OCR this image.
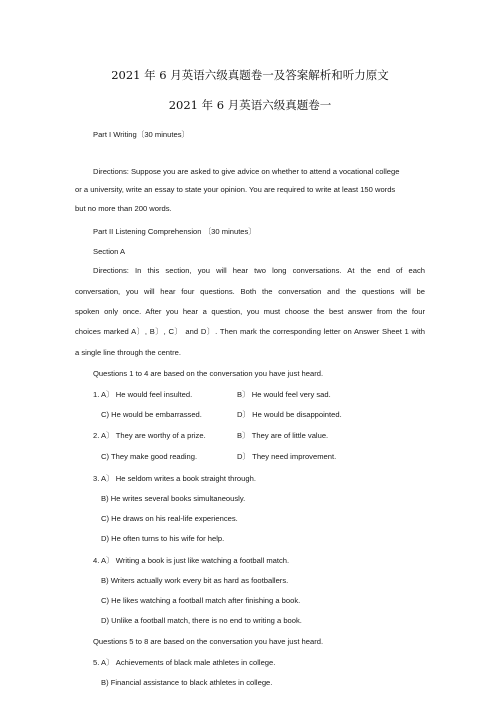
2021 年 6 月英语六级真题卷一及答案解析和听力原文
2021 年 6 月英语六级真题卷一
Part I Writing〔30 minutes〕
Directions: Suppose you are asked to give advice on whether to attend a vocational college
or a university, write an essay to state your opinion. You are required to write at least 150 words
but no more than 200 words.
Part II Listening Comprehension 〔30 minutes〕
Section A
Directions: In this section, you will hear two long conversations. At the end of each
conversation, you will hear four questions. Both the conversation and the questions will be
spoken only once. After you hear a question, you must choose the best answer from the four
choices marked A〕, B〕, C〕 and D〕. Then mark the corresponding letter on Answer Sheet 1 with
a single line through the centre.
Questions 1 to 4 are based on the conversation you have just heard.
1. A〕 He would feel insulted.	B〕 He would feel very sad.
C) He would be embarrassed.	D〕 He would be disappointed.
2. A〕 They are worthy of a prize.	B〕 They are of little value.
C) They make good reading.	D〕 They need improvement.
3. A〕 He seldom writes a book straight through.
B) He writes several books simultaneously.
C) He draws on his real-life experiences.
D) He often turns to his wife for help.
4. A〕 Writing a book is just like watching a football match.
B) Writers actually work every bit as hard as footballers.
C) He likes watching a football match after finishing a book.
D) Unlike a football match, there is no end to writing a book.
Questions 5 to 8 are based on the conversation you have just heard.
5. A〕 Achievements of black male athletes in college.
B) Financial assistance to black athletes in college.
